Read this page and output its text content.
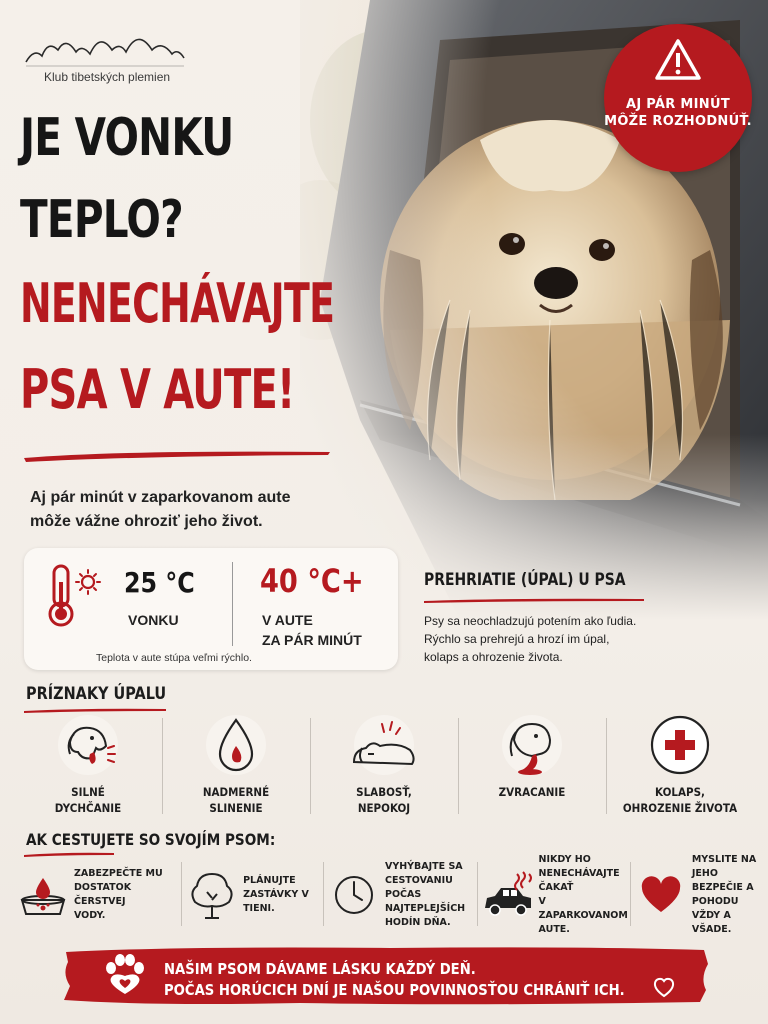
Klub tibetských plemien
AJ PÁR MINÚT
MÔŽE ROZHODNÚŤ.
JE VONKU
TEPLO?
NENECHÁVAJTE
PSA V AUTE!
Aj pár minút v zaparkovanom aute
môže vážne ohroziť jeho život.
25 °C
VONKU
40 °C+
V AUTE
ZA PÁR MINÚT
Teplota v aute stúpa veľmi rýchlo.
PREHRIATIE (ÚPAL) U PSA
Psy sa neochladzujú potením ako ľudia.
Rýchlo sa prehrejú a hrozí im úpal,
kolaps a ohrozenie života.
PRÍZNAKY ÚPALU
SILNÉ
DYCHČANIE
NADMERNÉ
SLINENIE
SLABOSŤ,
NEPOKOJ
ZVRACANIE	KOLAPS,
OHROZENIE ŽIVOTA
AK CESTUJETE SO SVOJÍM PSOM:
ZABEZPEČTE MU
DOSTATOK ČERSTVEJ
VODY.
PLÁNUJTE
ZASTÁVKY V TIENI.
VYHÝBAJTE SA
CESTOVANIU POČAS
NAJTEPLEJŠÍCH
HODÍN DŇA.
NIKDY HO
NENECHÁVAJTE ČAKAŤ
V ZAPARKOVANOM
AUTE.
MYSLITE NA JEHO
BEZPEČIE A POHODU
VŽDY A VŠADE.
NAŠIM PSOM DÁVAME LÁSKU KAŽDÝ DEŇ.
POČAS HORÚCICH DNÍ JE NAŠOU POVINNOSŤOU CHRÁNIŤ ICH.
